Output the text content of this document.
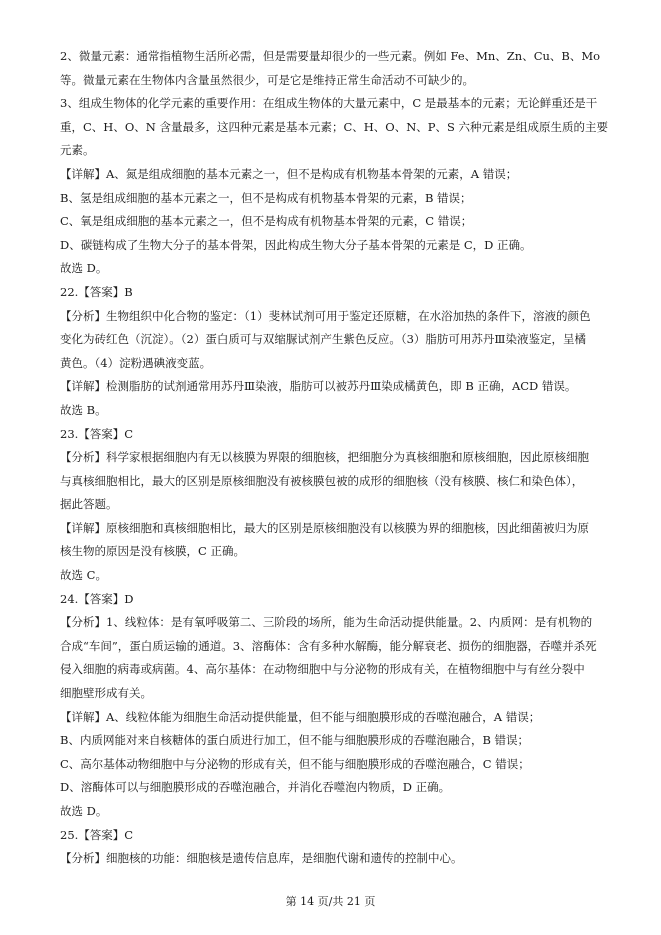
2、微量元素：通常指植物生活所必需，但是需要量却很少的一些元素。例如 Fe、Mn、Zn、Cu、B、Mo
等。微量元素在生物体内含量虽然很少，可是它是维持正常生命活动不可缺少的。
3、组成生物体的化学元素的重要作用：在组成生物体的大量元素中，C 是最基本的元素；无论鲜重还是干
重，C、H、O、N 含量最多，这四种元素是基本元素；C、H、O、N、P、S 六种元素是组成原生质的主要
元素。
【详解】A、氮是组成细胞的基本元素之一，但不是构成有机物基本骨架的元素，A 错误；
B、氢是组成细胞的基本元素之一，但不是构成有机物基本骨架的元素，B 错误；
C、氧是组成细胞的基本元素之一，但不是构成有机物基本骨架的元素，C 错误；
D、碳链构成了生物大分子的基本骨架，因此构成生物大分子基本骨架的元素是 C，D 正确。
故选 D。
22.【答案】B
【分析】生物组织中化合物的鉴定：（1）斐林试剂可用于鉴定还原糖，在水浴加热的条件下，溶液的颜色
变化为砖红色（沉淀）。（2）蛋白质可与双缩脲试剂产生紫色反应。（3）脂肪可用苏丹Ⅲ染液鉴定，呈橘
黄色。（4）淀粉遇碘液变蓝。
【详解】检测脂肪的试剂通常用苏丹Ⅲ染液，脂肪可以被苏丹Ⅲ染成橘黄色，即 B 正确，ACD 错误。
故选 B。
23.【答案】C
【分析】科学家根据细胞内有无以核膜为界限的细胞核，把细胞分为真核细胞和原核细胞，因此原核细胞
与真核细胞相比，最大的区别是原核细胞没有被核膜包被的成形的细胞核（没有核膜、核仁和染色体），
据此答题。
【详解】原核细胞和真核细胞相比，最大的区别是原核细胞没有以核膜为界的细胞核，因此细菌被归为原
核生物的原因是没有核膜，C 正确。
故选 C。
24.【答案】D
【分析】1、线粒体：是有氧呼吸第二、三阶段的场所，能为生命活动提供能量。2、内质网：是有机物的
合成“车间”，蛋白质运输的通道。3、溶酶体：含有多种水解酶，能分解衰老、损伤的细胞器，吞噬并杀死
侵入细胞的病毒或病菌。4、高尔基体：在动物细胞中与分泌物的形成有关，在植物细胞中与有丝分裂中
细胞壁形成有关。
【详解】A、线粒体能为细胞生命活动提供能量，但不能与细胞膜形成的吞噬泡融合，A 错误；
B、内质网能对来自核糖体的蛋白质进行加工，但不能与细胞膜形成的吞噬泡融合，B 错误；
C、高尔基体动物细胞中与分泌物的形成有关，但不能与细胞膜形成的吞噬泡融合，C 错误；
D、溶酶体可以与细胞膜形成的吞噬泡融合，并消化吞噬泡内物质，D 正确。
故选 D。
25.【答案】C
【分析】细胞核的功能：细胞核是遗传信息库，是细胞代谢和遗传的控制中心。
第 14 页/共 21 页
